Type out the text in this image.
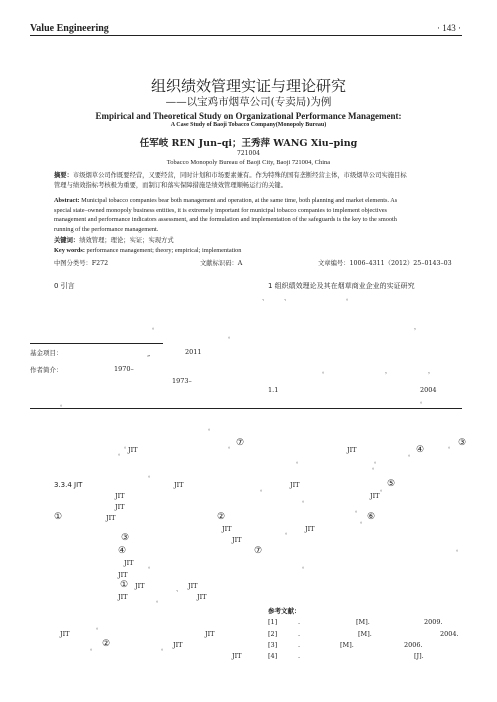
Value Engineering	· 143 ·
组织绩效管理实证与理论研究
——以宝鸡市烟草公司(专卖局)为例
Empirical and Theoretical Study on Organizational Performance Management:
A Case Study of Baoji Tobacco Company(Monopoly Bureau)
任军岐 REN Jun–qi；王秀萍 WANG Xiu–ping
721004
Tobacco Monopoly Bureau of Baoji City, Baoji 721004, China
摘要：市级烟草公司作既要经营，又要经营，同时计划和市场要素兼有。作为特殊的国有垄断经营主体，市级烟草公司实施目标
管理与绩效指标考核极为重要，而制订和落实保障措施是绩效管理顺畅运行的关键。
Abstract: Municipal tobacco companies bear both management and operation, at the same time, both planning and market elements. As
special state–owned monopoly business entities, it is extremely important for municipal tobacco companies to implement objectives
management and performance indicators assessment, and the formulation and implementation of the safeguards is the key to the smooth
running of the performance management.
关键词：绩效管理；理论；实证；实现方式
Key words: performance management; theory; empirical; implementation
中图分类号：F272	文献标识码：A	文章编号：1006–4311（2012）25–0143–03
0 引言	1 组织绩效理论及其在烟草商业企业的实证研究
、	、	。
。
。
，
基金项目：	2011
”
作者简介：	1970–
1973–
。	，	，
1.1	2004
。
。
③
。
。
。	⑦
。
。	。
JIT
。	JIT	④
。
。
。
3.3.4 JIT	JIT
。
JIT
。
⑤
JIT	JIT
。
JIT	。
①	JIT	②	。 ⑥
JIT	JIT
。
③	JIT
。
④	⑦
JIT 。	。
JIT
① JIT	、 JIT
JIT	。	JIT
参考文献：
[1]	.	[M].	2009.
[2]	.	[M].	2004.
[3]	.	[M].	2006.
[4]	.	[J].
。
JIT	JIT
。 ②	。 JIT
JIT
